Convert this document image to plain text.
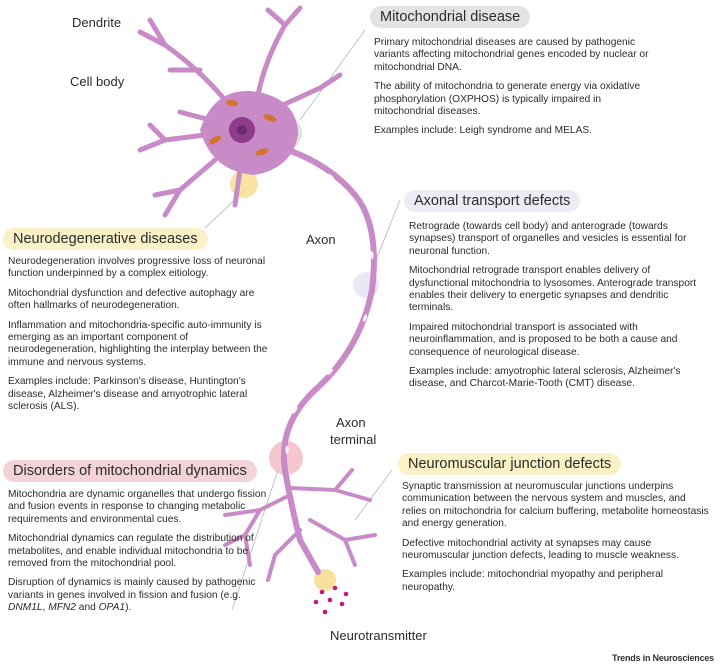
Dendrite
Cell body
Axon
Axon
terminal
Neurotransmitter
Mitochondrial disease

Primary mitochondrial diseases are caused by pathogenic variants affecting mitochondrial genes encoded by nuclear or mitochondrial DNA.

The ability of mitochondria to generate energy via oxidative phosphorylation (OXPHOS) is typically impaired in mitochondrial diseases.

Examples include: Leigh syndrome and MELAS.

Axonal transport defects

Retrograde (towards cell body) and anterograde (towards synapses) transport of organelles and vesicles is essential for neuronal function.

Mitochondrial retrograde transport enables delivery of dysfunctional mitochondria to lysosomes. Anterograde transport enables their delivery to energetic synapses and dendritic terminals.

Impaired mitochondrial transport is associated with neuroinflammation, and is proposed to be both a cause and consequence of neurological disease.

Examples include: amyotrophic lateral sclerosis, Alzheimer's disease, and Charcot-Marie-Tooth (CMT) disease.

Neurodegenerative diseases

Neurodegeneration involves progressive loss of neuronal function underpinned by a complex eitiology.

Mitochondrial dysfunction and defective autophagy are often hallmarks of neurodegeneration.

Inflammation and mitochondria-specific auto-immunity is emerging as an important component of neurodegeneration, highlighting the interplay between the immune and nervous systems.

Examples include: Parkinson's disease, Huntington's disease, Alzheimer's disease and amyotrophic lateral sclerosis (ALS).

Disorders of mitochondrial dynamics

Mitochondria are dynamic organelles that undergo fission and fusion events in response to changing metabolic requirements and environmental cues.

Mitochondrial dynamics can regulate the distribution of metabolites, and enable individual mitochondria to be removed from the mitochondrial pool.

Disruption of dynamics is mainly caused by pathogenic variants in genes involved in fission and fusion (e.g. DNM1L, MFN2 and OPA1).

Neuromuscular junction defects

Synaptic transmission at neuromuscular junctions underpins communication between the nervous system and muscles, and relies on mitochondria for calcium buffering, metabolite homeostasis and energy generation.

Defective mitochondrial activity at synapses may cause neuromuscular junction defects, leading to muscle weakness.

Examples include: mitochondrial myopathy and peripheral neuropathy.

Trends in Neurosciences
